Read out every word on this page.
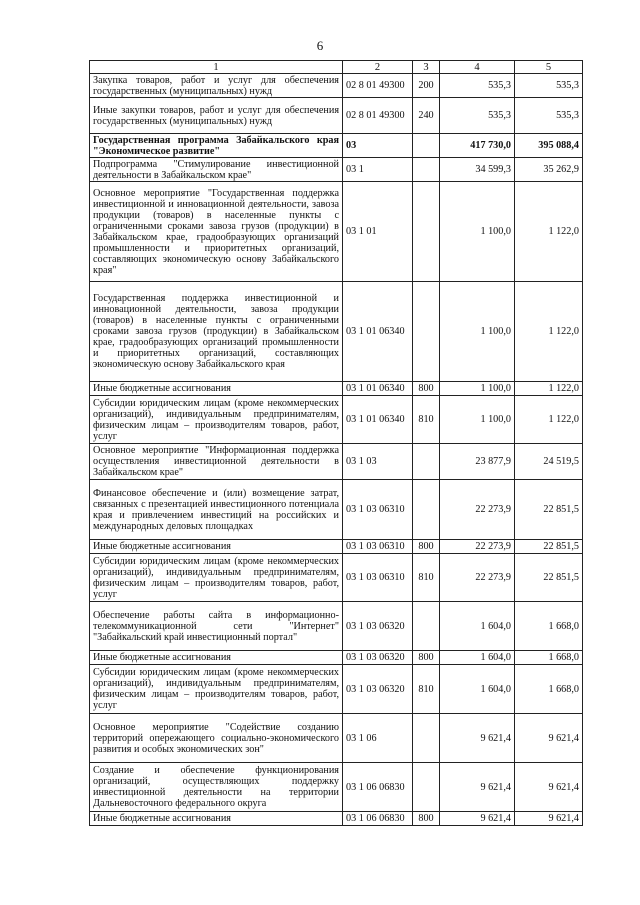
6
1	2	3	4	5
Закупка товаров, работ и услуг для обеспечения государственных (муниципальных) нужд	02 8 01 49300	200	535,3	535,3
Иные закупки товаров, работ и услуг для обеспечения государственных (муниципальных) нужд	02 8 01 49300	240	535,3	535,3
Государственная программа Забайкальского края "Экономическое развитие"	03		417 730,0	395 088,4
Подпрограмма "Стимулирование инвестиционной деятельности в Забайкальском крае"	03 1		34 599,3	35 262,9
Основное мероприятие "Государственная поддержка инвестиционной и инновационной деятельности, завоза продукции (товаров) в населенные пункты с ограниченными сроками завоза грузов (продукции) в Забайкальском крае, градообразующих организаций промышленности и приоритетных организаций, составляющих экономическую основу Забайкальского края"	03 1 01		1 100,0	1 122,0
Государственная поддержка инвестиционной и инновационной деятельности, завоза продукции (товаров) в населенные пункты с ограниченными сроками завоза грузов (продукции) в Забайкальском крае, градообразующих организаций промышленности и приоритетных организаций, составляющих экономическую основу Забайкальского края	03 1 01 06340		1 100,0	1 122,0
Иные бюджетные ассигнования	03 1 01 06340	800	1 100,0	1 122,0
Субсидии юридическим лицам (кроме некоммерческих организаций), индивидуальным предпринимателям, физическим лицам – производителям товаров, работ, услуг	03 1 01 06340	810	1 100,0	1 122,0
Основное мероприятие "Информационная поддержка осуществления инвестиционной деятельности в Забайкальском крае"	03 1 03		23 877,9	24 519,5
Финансовое обеспечение и (или) возмещение затрат, связанных с презентацией инвестиционного потенциала края и привлечением инвестиций на российских и международных деловых площадках	03 1 03 06310		22 273,9	22 851,5
Иные бюджетные ассигнования	03 1 03 06310	800	22 273,9	22 851,5
Субсидии юридическим лицам (кроме некоммерческих организаций), индивидуальным предпринимателям, физическим лицам – производителям товаров, работ, услуг	03 1 03 06310	810	22 273,9	22 851,5
Обеспечение работы сайта в информационно-телекоммуникационной сети "Интернет" "Забайкальский край инвестиционный портал"	03 1 03 06320		1 604,0	1 668,0
Иные бюджетные ассигнования	03 1 03 06320	800	1 604,0	1 668,0
Субсидии юридическим лицам (кроме некоммерческих организаций), индивидуальным предпринимателям, физическим лицам – производителям товаров, работ, услуг	03 1 03 06320	810	1 604,0	1 668,0
Основное мероприятие "Содействие созданию территорий опережающего социально-экономического развития и особых экономических зон"	03 1 06		9 621,4	9 621,4
Создание и обеспечение функционирования организаций, осуществляющих поддержку инвестиционной деятельности на территории Дальневосточного федерального округа	03 1 06 06830		9 621,4	9 621,4
Иные бюджетные ассигнования	03 1 06 06830	800	9 621,4	9 621,4
